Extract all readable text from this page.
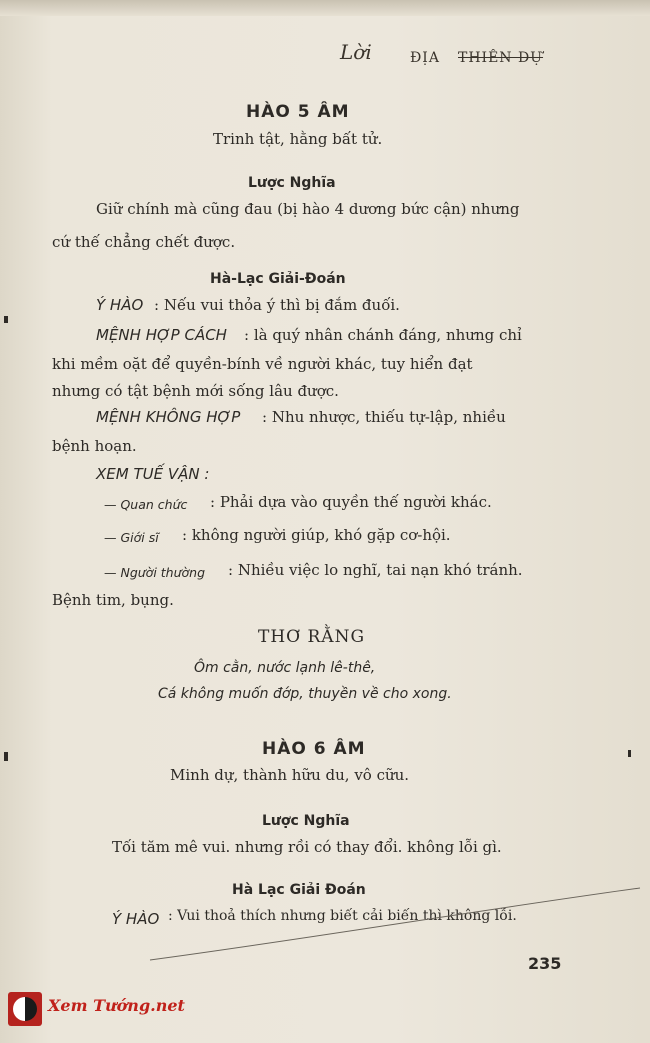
Lời	ĐỊA THIÊN DỰ
HÀO 5 ÂM
Trinh tật, hằng bất tử.
Lược Nghĩa
Giữ chính mà cũng đau (bị hào 4 dương bức cận) nhưng
cứ thế chẳng chết được.
Hà-Lạc Giải-Đoán
Ý HÀO : Nếu vui thỏa ý thì bị đắm đuối.
MỆNH HỢP CÁCH : là quý nhân chánh đáng, nhưng chỉ
khi mềm oặt để quyền-bính về người khác, tuy hiển đạt
nhưng có tật bệnh mới sống lâu được.
MỆNH KHÔNG HỢP : Nhu nhược, thiếu tự-lập, nhiều
bệnh hoạn.
XEM TUẾ VẬN :
— Quan chức : Phải dựa vào quyền thế người khác.
— Giới sĩ : không người giúp, khó gặp cơ-hội.
— Người thường : Nhiều việc lo nghĩ, tai nạn khó tránh.
Bệnh tim, bụng.
THƠ RẰNG
Ôm cằn, nước lạnh lê-thê,
Cá không muốn đớp, thuyền về cho xong.
HÀO 6 ÂM
Minh dự, thành hữu du, vô cữu.
Lược Nghĩa
Tối tăm mê vui. nhưng rồi có thay đổi. không lỗi gì.
Hà Lạc Giải Đoán
Ý HÀO : Vui thoả thích nhưng biết cải biến thì không lỗi.
235
Xem Tướng.net
